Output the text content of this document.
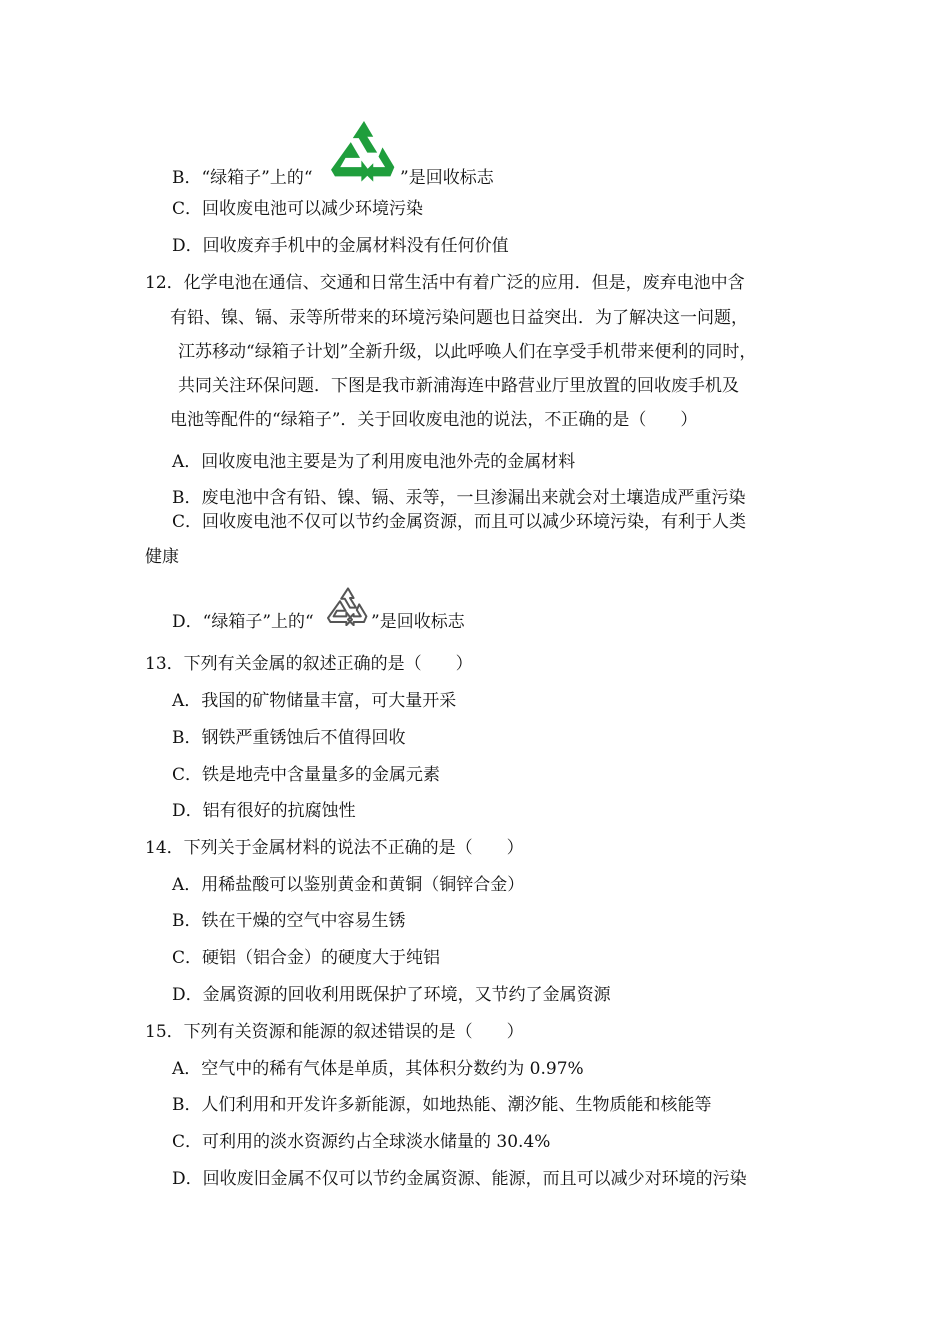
B．“绿箱子”上的“	”是回收标志
C．回收废电池可以减少环境污染
D．回收废弃手机中的金属材料没有任何价值
12．化学电池在通信、交通和日常生活中有着广泛的应用．但是，废弃电池中含
有铅、镍、镉、汞等所带来的环境污染问题也日益突出．为了解决这一问题，
江苏移动“绿箱子计划”全新升级，以此呼唤人们在享受手机带来便利的同时，
共同关注环保问题．下图是我市新浦海连中路营业厅里放置的回收废手机及
电池等配件的“绿箱子”．关于回收废电池的说法，不正确的是（　　）
A．回收废电池主要是为了利用废电池外壳的金属材料
B．废电池中含有铅、镍、镉、汞等，一旦渗漏出来就会对土壤造成严重污染
C．回收废电池不仅可以节约金属资源，而且可以减少环境污染，有利于人类
健康
D．“绿箱子”上的“	”是回收标志
13．下列有关金属的叙述正确的是（　　）
A．我国的矿物储量丰富，可大量开采
B．钢铁严重锈蚀后不值得回收
C．铁是地壳中含量量多的金属元素
D．铝有很好的抗腐蚀性
14．下列关于金属材料的说法不正确的是（　　）
A．用稀盐酸可以鉴别黄金和黄铜（铜锌合金）
B．铁在干燥的空气中容易生锈
C．硬铝（铝合金）的硬度大于纯铝
D．金属资源的回收利用既保护了环境，又节约了金属资源
15．下列有关资源和能源的叙述错误的是（　　）
A．空气中的稀有气体是单质，其体积分数约为 0.97%
B．人们利用和开发许多新能源，如地热能、潮汐能、生物质能和核能等
C．可利用的淡水资源约占全球淡水储量的 30.4%
D．回收废旧金属不仅可以节约金属资源、能源，而且可以减少对环境的污染
